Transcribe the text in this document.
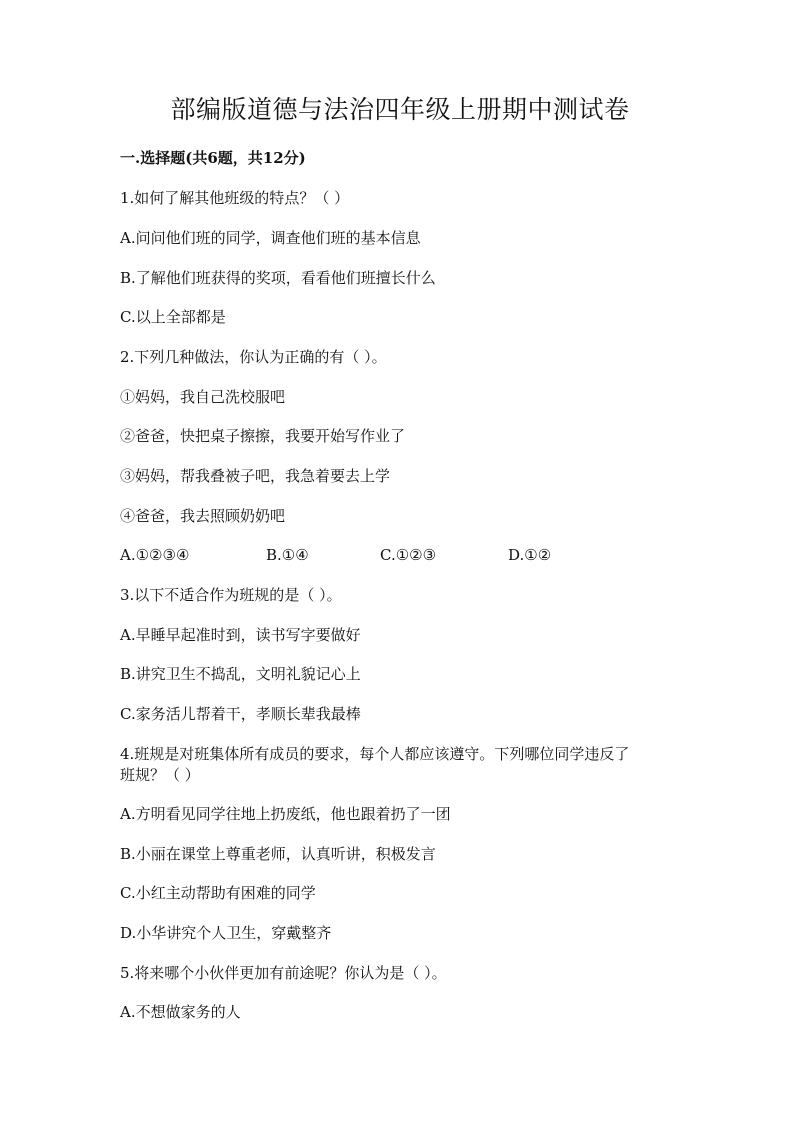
部编版道德与法治四年级上册期中测试卷
一.选择题(共6题，共12分)
1.如何了解其他班级的特点？（ ）
A.问问他们班的同学，调查他们班的基本信息
B.了解他们班获得的奖项，看看他们班擅长什么
C.以上全部都是
2.下列几种做法，你认为正确的有（ ）。
①妈妈，我自己洗校服吧
②爸爸，快把桌子擦擦，我要开始写作业了
③妈妈，帮我叠被子吧，我急着要去上学
④爸爸，我去照顾奶奶吧
A.①②③④	B.①④	C.①②③	D.①②
3.以下不适合作为班规的是（ ）。
A.早睡早起准时到，读书写字要做好
B.讲究卫生不捣乱，文明礼貌记心上
C.家务活儿帮着干，孝顺长辈我最棒
4.班规是对班集体所有成员的要求，每个人都应该遵守。下列哪位同学违反了
班规？（ ）
A.方明看见同学往地上扔废纸，他也跟着扔了一团
B.小丽在课堂上尊重老师，认真听讲，积极发言
C.小红主动帮助有困难的同学
D.小华讲究个人卫生，穿戴整齐
5.将来哪个小伙伴更加有前途呢？你认为是（ ）。
A.不想做家务的人
